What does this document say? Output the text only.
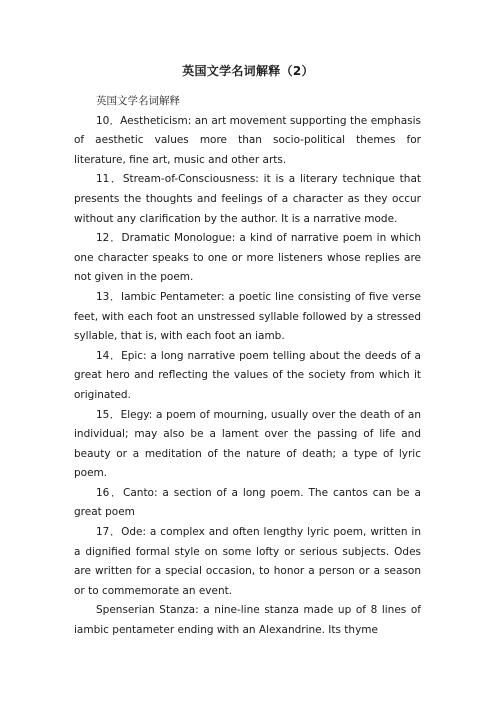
英国文学名词解释（2）

英国文学名词解释

10．Aestheticism: an art movement supporting the emphasis of aesthetic values more than socio-political themes for literature, fine art, music and other arts.

11．Stream-of-Consciousness: it is a literary technique that presents the thoughts and feelings of a character as they occur without any clarification by the author. It is a narrative mode.

12．Dramatic Monologue: a kind of narrative poem in which one character speaks to one or more listeners whose replies are not given in the poem.

13．Iambic Pentameter: a poetic line consisting of five verse feet, with each foot an unstressed syllable followed by a stressed syllable, that is, with each foot an iamb.

14．Epic: a long narrative poem telling about the deeds of a great hero and reflecting the values of the society from which it originated.

15．Elegy: a poem of mourning, usually over the death of an individual; may also be a lament over the passing of life and beauty or a meditation of the nature of death; a type of lyric poem.

16．Canto: a section of a long poem. The cantos can be a great poem

17．Ode: a complex and often lengthy lyric poem, written in a dignified formal style on some lofty or serious subjects. Odes are written for a special occasion, to honor a person or a season or to commemorate an event.

Spenserian Stanza: a nine-line stanza made up of 8 lines of iambic pentameter ending with an Alexandrine. Its thyme
